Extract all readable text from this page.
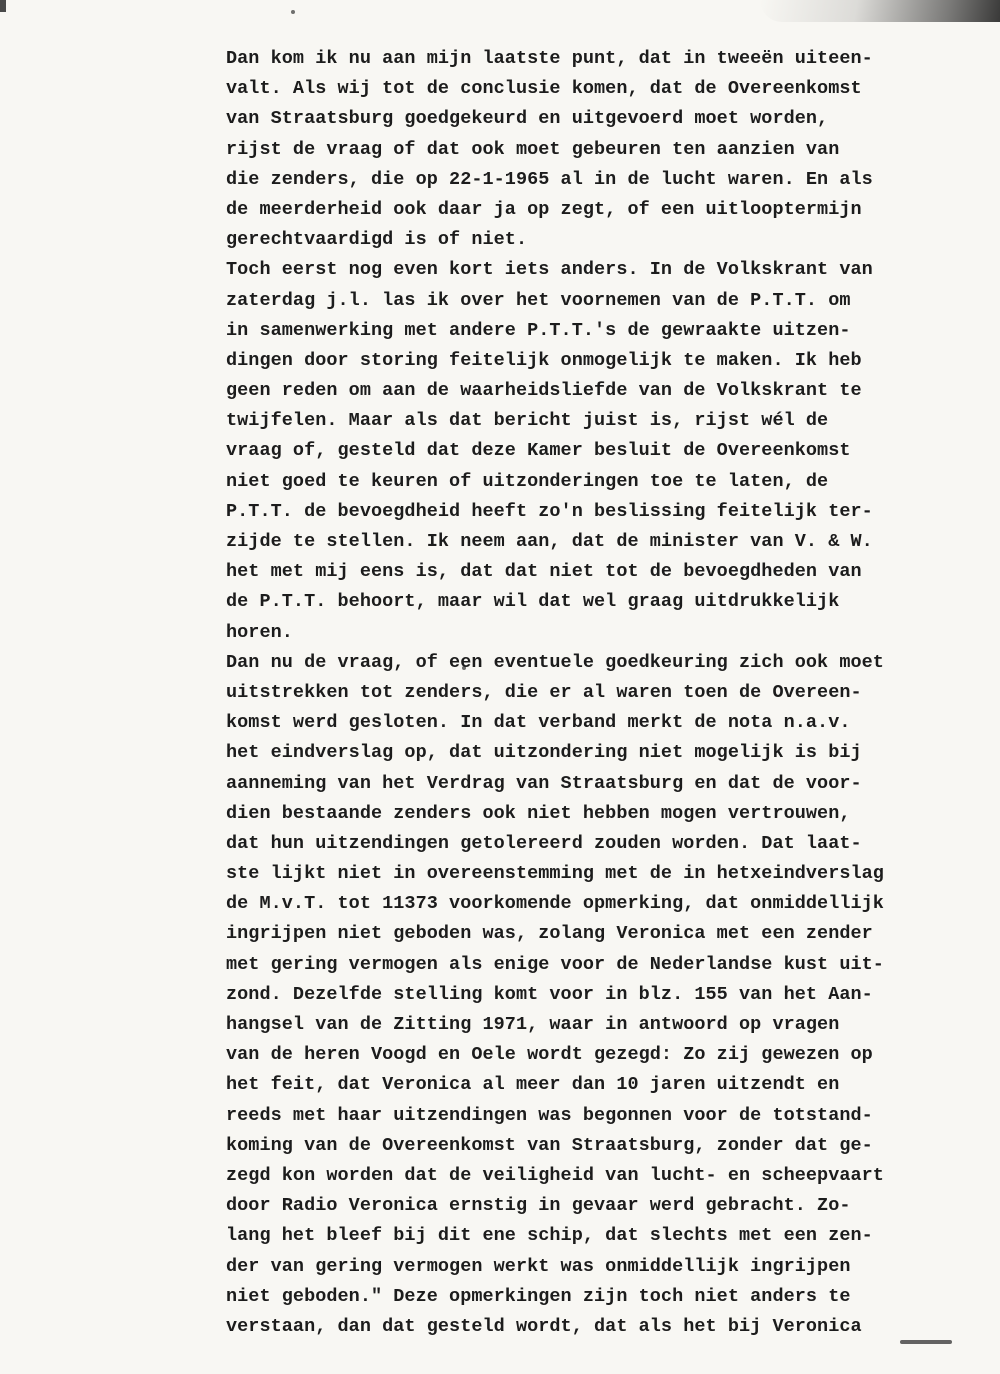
Dan kom ik nu aan mijn laatste punt, dat in tweeën uiteen-
valt. Als wij tot de conclusie komen, dat de Overeenkomst
van Straatsburg goedgekeurd en uitgevoerd moet worden,
rijst de vraag of dat ook moet gebeuren ten aanzien van
die zenders, die op 22-1-1965 al in de lucht waren. En als
de meerderheid ook daar ja op zegt, of een uitlooptermijn
gerechtvaardigd is of niet.
Toch eerst nog even kort iets anders. In de Volkskrant van
zaterdag j.l. las ik over het voornemen van de P.T.T. om
in samenwerking met andere P.T.T.'s de gewraakte uitzen-
dingen door storing feitelijk onmogelijk te maken. Ik heb
geen reden om aan de waarheidsliefde van de Volkskrant te
twijfelen. Maar als dat bericht juist is, rijst wél de
vraag of, gesteld dat deze Kamer besluit de Overeenkomst
niet goed te keuren of uitzonderingen toe te laten, de
P.T.T. de bevoegdheid heeft zo'n beslissing feitelijk ter-
zijde te stellen. Ik neem aan, dat de minister van V. & W.
het met mij eens is, dat dat niet tot de bevoegdheden van
de P.T.T. behoort, maar wil dat wel graag uitdrukkelijk
horen.
Dan nu de vraag, of een eventuele goedkeuring zich ook moet
uitstrekken tot zenders, die er al waren toen de Overeen-
komst werd gesloten. In dat verband merkt de nota n.a.v.
het eindverslag op, dat uitzondering niet mogelijk is bij
aanneming van het Verdrag van Straatsburg en dat de voor-
dien bestaande zenders ook niet hebben mogen vertrouwen,
dat hun uitzendingen getolereerd zouden worden. Dat laat-
ste lijkt niet in overeenstemming met de in hetxeindverslag
de M.v.T. tot 11373 voorkomende opmerking, dat onmiddellijk
ingrijpen niet geboden was, zolang Veronica met een zender
met gering vermogen als enige voor de Nederlandse kust uit-
zond. Dezelfde stelling komt voor in blz. 155 van het Aan-
hangsel van de Zitting 1971, waar in antwoord op vragen
van de heren Voogd en Oele wordt gezegd: Zo zij gewezen op
het feit, dat Veronica al meer dan 10 jaren uitzendt en
reeds met haar uitzendingen was begonnen voor de totstand-
koming van de Overeenkomst van Straatsburg, zonder dat ge-
zegd kon worden dat de veiligheid van lucht- en scheepvaart
door Radio Veronica ernstig in gevaar werd gebracht. Zo-
lang het bleef bij dit ene schip, dat slechts met een zen-
der van gering vermogen werkt was onmiddellijk ingrijpen
niet geboden." Deze opmerkingen zijn toch niet anders te
verstaan, dan dat gesteld wordt, dat als het bij Veronica
